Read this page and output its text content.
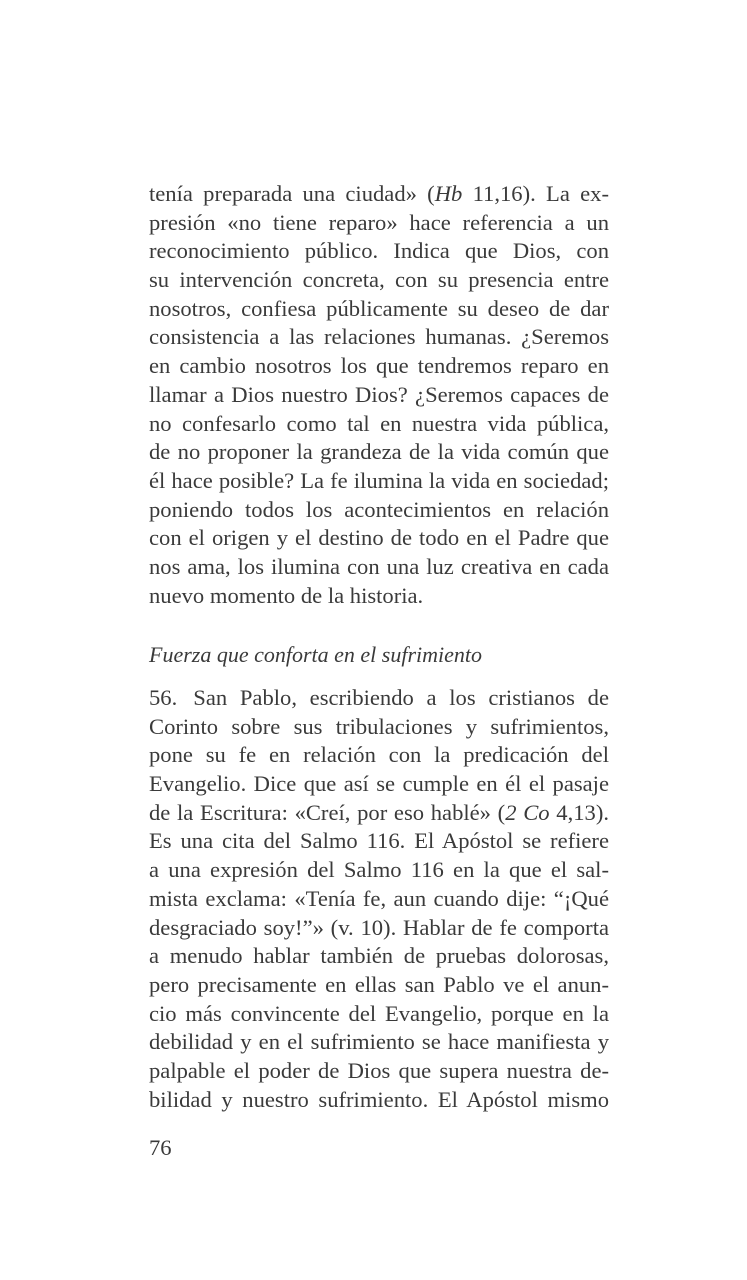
tenía preparada una ciudad» (Hb 11,16). La ex-
presión «no tiene reparo» hace referencia a un
reconocimiento público. Indica que Dios, con
su intervención concreta, con su presencia entre
nosotros, confiesa públicamente su deseo de dar
consistencia a las relaciones humanas. ¿Seremos
en cambio nosotros los que tendremos reparo en
llamar a Dios nuestro Dios? ¿Seremos capaces de
no confesarlo como tal en nuestra vida pública,
de no proponer la grandeza de la vida común que
él hace posible? La fe ilumina la vida en sociedad;
poniendo todos los acontecimientos en relación
con el origen y el destino de todo en el Padre que
nos ama, los ilumina con una luz creativa en cada
nuevo momento de la historia.
Fuerza que conforta en el sufrimiento
56. San Pablo, escribiendo a los cristianos de
Corinto sobre sus tribulaciones y sufrimientos,
pone su fe en relación con la predicación del
Evangelio. Dice que así se cumple en él el pasaje
de la Escritura: «Creí, por eso hablé» (2 Co 4,13).
Es una cita del Salmo 116. El Apóstol se refiere
a una expresión del Salmo 116 en la que el sal-
mista exclama: «Tenía fe, aun cuando dije: “¡Qué
desgraciado soy!”» (v. 10). Hablar de fe comporta
a menudo hablar también de pruebas dolorosas,
pero precisamente en ellas san Pablo ve el anun-
cio más convincente del Evangelio, porque en la
debilidad y en el sufrimiento se hace manifiesta y
palpable el poder de Dios que supera nuestra de-
bilidad y nuestro sufrimiento. El Apóstol mismo
76
